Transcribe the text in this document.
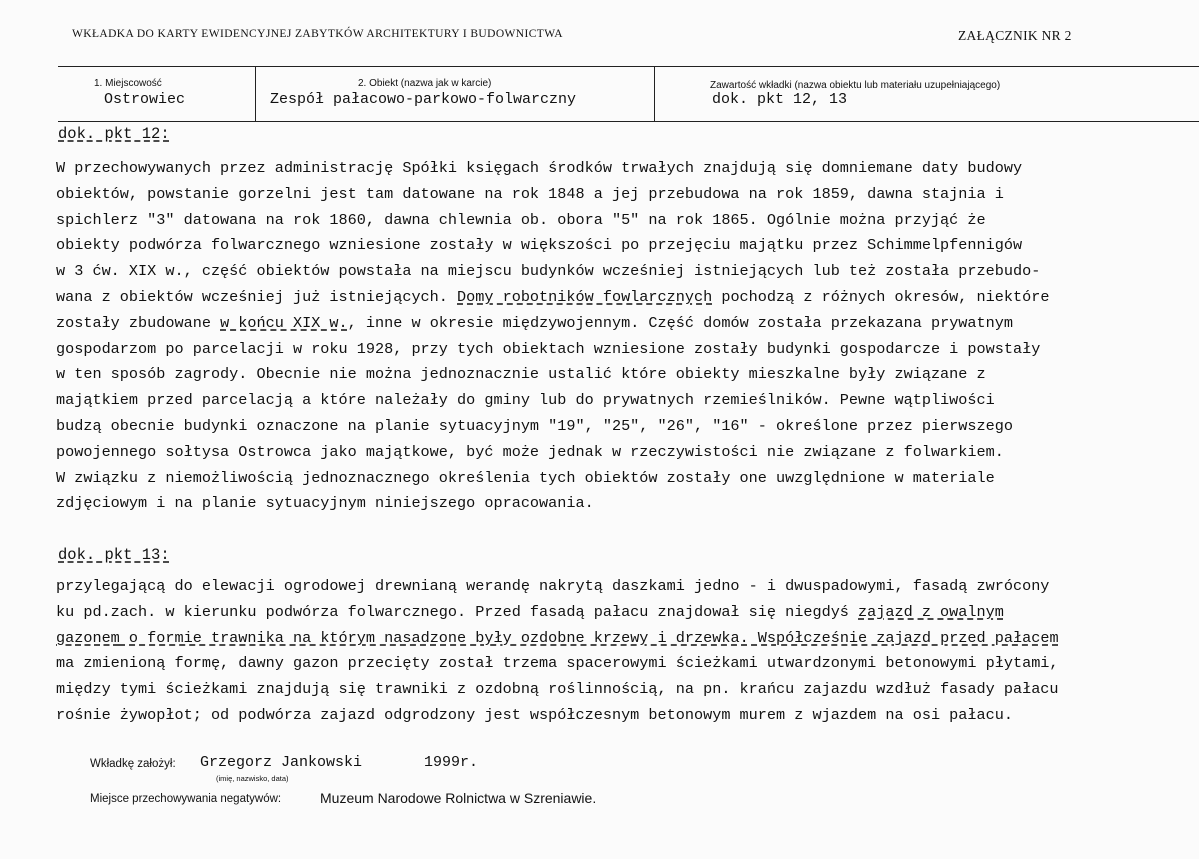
WKŁADKA DO KARTY EWIDENCYJNEJ ZABYTKÓW ARCHITEKTURY I BUDOWNICTWA	ZAŁĄCZNIK NR 2
1. Miejscowość
Ostrowiec
2. Obiekt (nazwa jak w karcie)
Zespół pałacowo-parkowo-folwarczny
Zawartość wkładki (nazwa obiektu lub materiału uzupełniającego)
dok. pkt 12, 13
dok. pkt 12:
W przechowywanych przez administrację Spółki księgach środków trwałych znajdują się domniemane daty budowy
obiektów, powstanie gorzelni jest tam datowane na rok 1848 a jej przebudowa na rok 1859, dawna stajnia i
spichlerz "3" datowana na rok 1860, dawna chlewnia ob. obora "5" na rok 1865. Ogólnie można przyjąć że
obiekty podwórza folwarcznego wzniesione zostały w większości po przejęciu majątku przez Schimmelpfennigów
w 3 ćw. XIX w., część obiektów powstała na miejscu budynków wcześniej istniejących lub też została przebudo-
wana z obiektów wcześniej już istniejących. Domy robotników fowlarcznych pochodzą z różnych okresów, niektóre
zostały zbudowane w końcu XIX w., inne w okresie międzywojennym. Część domów została przekazana prywatnym
gospodarzom po parcelacji w roku 1928, przy tych obiektach wzniesione zostały budynki gospodarcze i powstały
w ten sposób zagrody. Obecnie nie można jednoznacznie ustalić które obiekty mieszkalne były związane z
majątkiem przed parcelacją a które należały do gminy lub do prywatnych rzemieślników. Pewne wątpliwości
budzą obecnie budynki oznaczone na planie sytuacyjnym "19", "25", "26", "16" - określone przez pierwszego
powojennego sołtysa Ostrowca jako majątkowe, być może jednak w rzeczywistości nie związane z folwarkiem.
W związku z niemożliwością jednoznacznego określenia tych obiektów zostały one uwzględnione w materiale
zdjęciowym i na planie sytuacyjnym niniejszego opracowania.
dok. pkt 13:
przylegającą do elewacji ogrodowej drewnianą werandę nakrytą daszkami jedno - i dwuspadowymi, fasadą zwrócony
ku pd.zach. w kierunku podwórza folwarcznego. Przed fasadą pałacu znajdował się niegdyś zajazd z owalnym
gazonem o formie trawnika na którym nasadzone były ozdobne krzewy i drzewka. Współcześnie zajazd przed pałacem
ma zmienioną formę, dawny gazon przecięty został trzema spacerowymi ścieżkami utwardzonymi betonowymi płytami,
między tymi ścieżkami znajdują się trawniki z ozdobną roślinnością, na pn. krańcu zajazdu wzdłuż fasady pałacu
rośnie żywopłot; od podwórza zajazd odgrodzony jest współczesnym betonowym murem z wjazdem na osi pałacu.
Wkładkę założył: Grzegorz Jankowski	1999r.
(imię, nazwisko, data)
Miejsce przechowywania negatywów:	Muzeum Narodowe Rolnictwa w Szreniawie.
